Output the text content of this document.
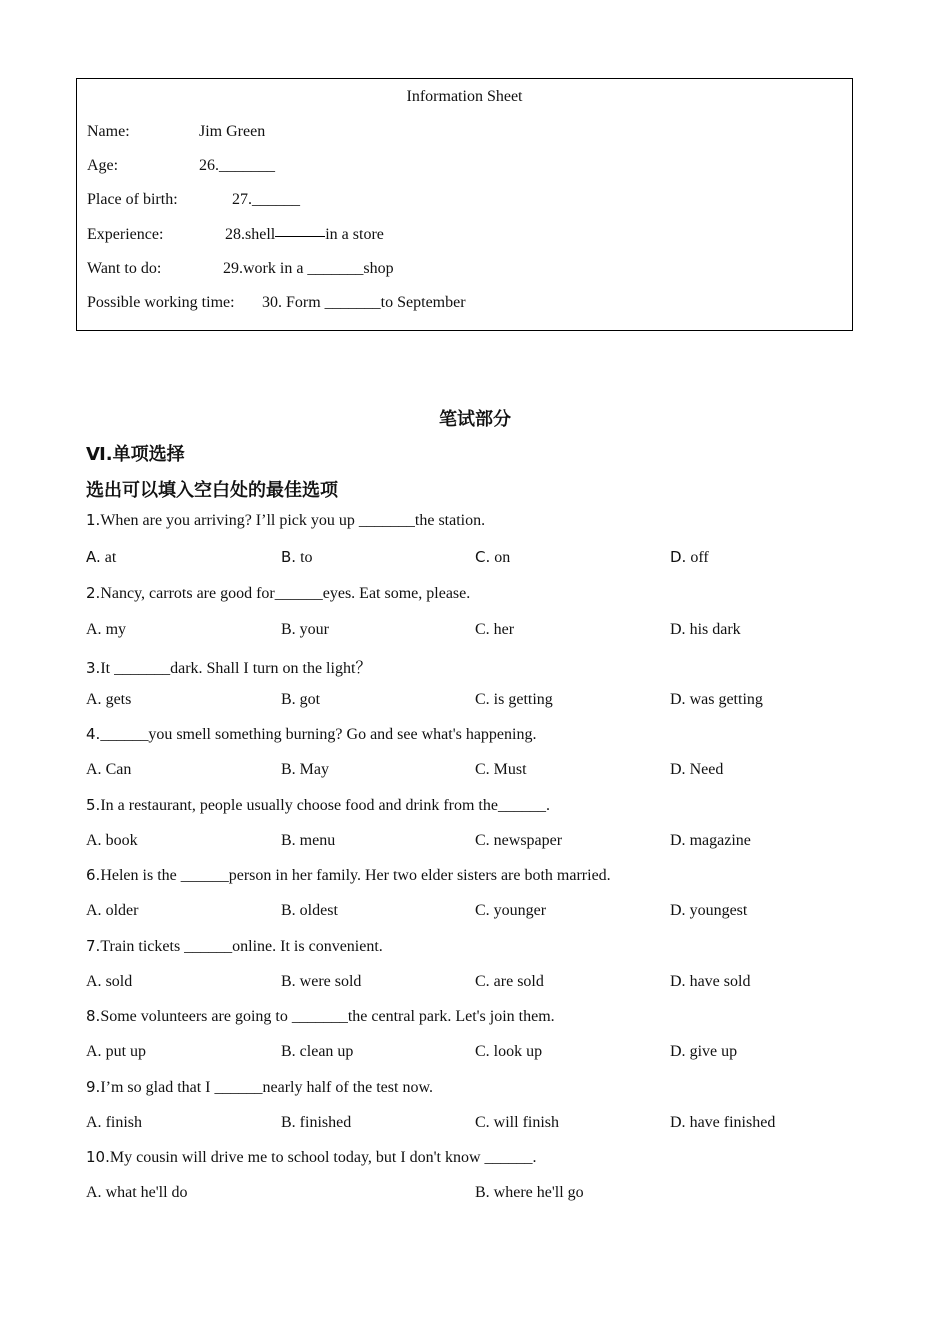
Information Sheet
Name:	Jim Green
Age:	26._______
Place of birth:	27.______
Experience:	28.shell	in a store
Want to do:	29.work in a _______shop
Possible working time: 30. Form _______to September
笔试部分
Ⅵ.单项选择
选出可以填入空白处的最佳选项
1.When are you arriving? I’ll pick you up _______the station.
A. at	B. to	C. on	D. off
2.Nancy, carrots are good for______eyes. Eat some, please.
A. my	B. your	C. her	D. his dark
3.It _______dark. Shall I turn on the light？
A. gets	B. got	C. is getting	D. was getting
4.______you smell something burning? Go and see what's happening.
A. Can	B. May	C. Must	D. Need
5.In a restaurant, people usually choose food and drink from the______.
A. book	B. menu	C. newspaper	D. magazine
6.Helen is the ______person in her family. Her two elder sisters are both married.
A. older	B. oldest	C. younger	D. youngest
7.Train tickets ______online. It is convenient.
A. sold	B. were sold	C. are sold	D. have sold
8.Some volunteers are going to _______the central park. Let's join them.
A. put up	B. clean up	C. look up	D. give up
9.I’m so glad that I ______nearly half of the test now.
A. finish	B. finished	C. will finish	D. have finished
10.My cousin will drive me to school today, but I don't know ______.
A. what he'll do	B. where he'll go
